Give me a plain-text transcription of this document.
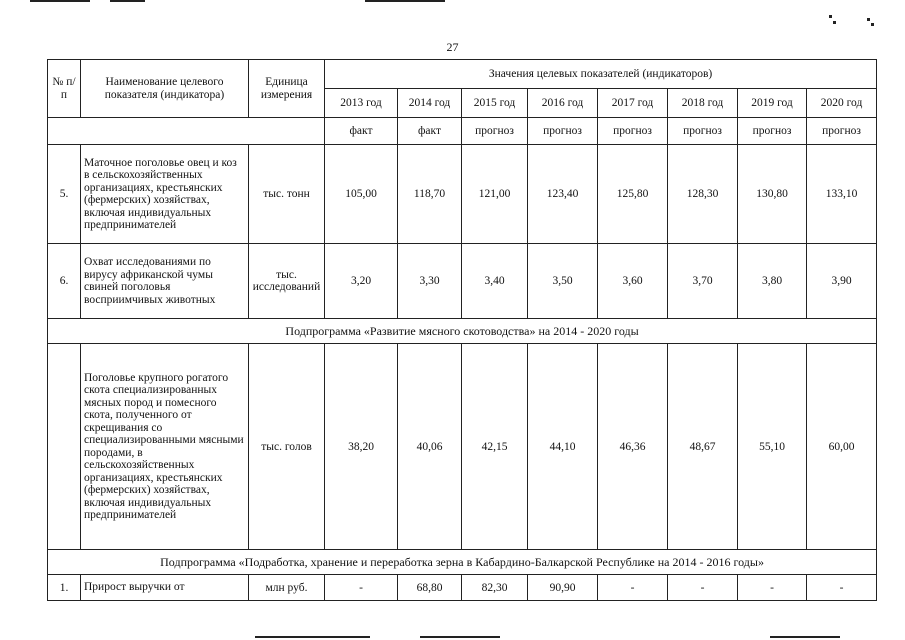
27
№ п/п	Наименование целевого показателя (индикатора)	Единица измерения	Значения целевых показателей (индикаторов)							
			2013 год	2014 год	2015 год	2016 год	2017 год	2018 год	2019 год	2020 год
			факт	факт	прогноз	прогноз	прогноз	прогноз	прогноз	прогноз
5.	Маточное поголовье овец и коз в сельскохозяйственных организациях, крестьянских (фермерских) хозяйствах, включая индивидуальных предпринимателей	тыс. тонн	105,00	118,70	121,00	123,40	125,80	128,30	130,80	133,10
6.	Охват исследованиями по вирусу африканской чумы свиней поголовья восприимчивых животных	тыс. исследований	3,20	3,30	3,40	3,50	3,60	3,70	3,80	3,90
Подпрограмма «Развитие мясного скотоводства» на 2014 - 2020 годы										
	Поголовье крупного рогатого скота специализированных мясных пород и помесного скота, полученного от скрещивания со специализированными мясными породами, в сельскохозяйственных организациях, крестьянских (фермерских) хозяйствах, включая индивидуальных предпринимателей	тыс. голов	38,20	40,06	42,15	44,10	46,36	48,67	55,10	60,00
Подпрограмма «Подработка, хранение и переработка зерна в Кабардино-Балкарской Республике на 2014 - 2016 годы»										
1.	Прирост выручки от	млн руб.	-	68,80	82,30	90,90	-	-	-	-
